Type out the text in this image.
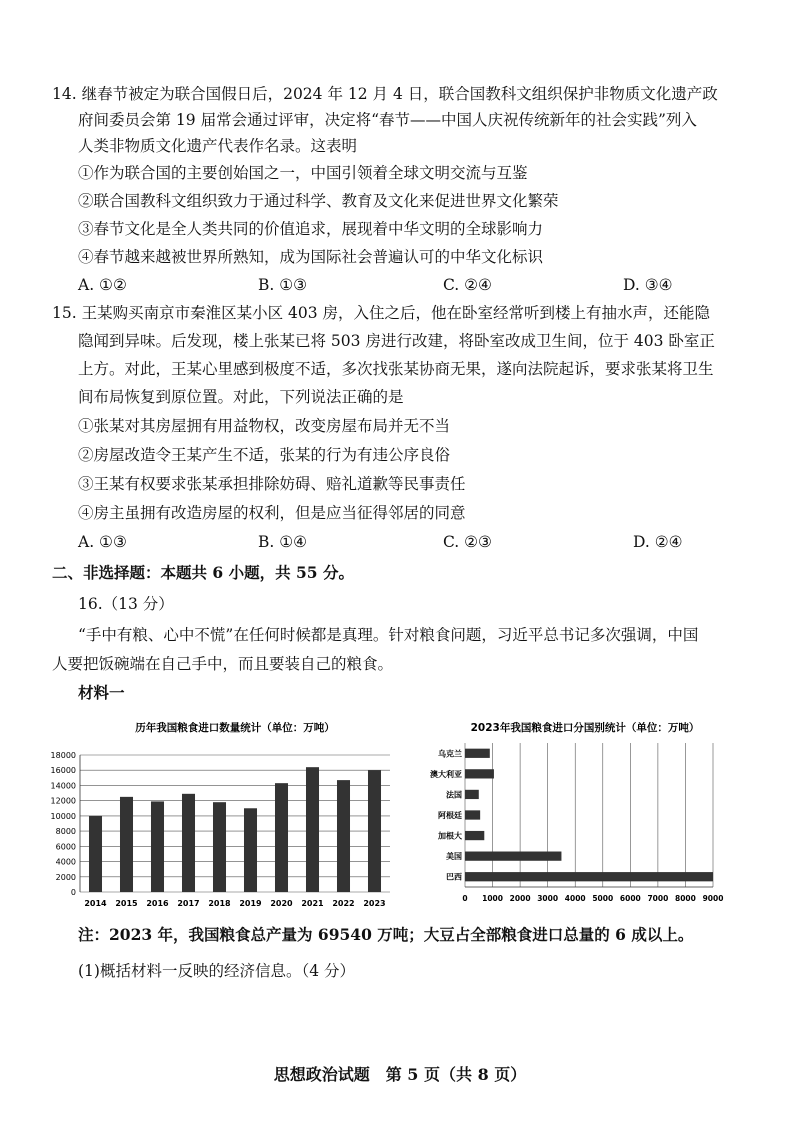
14. 继春节被定为联合国假日后，2024 年 12 月 4 日，联合国教科文组织保护非物质文化遗产政
府间委员会第 19 届常会通过评审，决定将“春节——中国人庆祝传统新年的社会实践”列入
人类非物质文化遗产代表作名录。这表明
①作为联合国的主要创始国之一，中国引领着全球文明交流与互鉴
②联合国教科文组织致力于通过科学、教育及文化来促进世界文化繁荣
③春节文化是全人类共同的价值追求，展现着中华文明的全球影响力
④春节越来越被世界所熟知，成为国际社会普遍认可的中华文化标识
A. ①②	B. ①③	C. ②④	D. ③④
15. 王某购买南京市秦淮区某小区 403 房，入住之后，他在卧室经常听到楼上有抽水声，还能隐
隐闻到异味。后发现，楼上张某已将 503 房进行改建，将卧室改成卫生间，位于 403 卧室正
上方。对此，王某心里感到极度不适，多次找张某协商无果，遂向法院起诉，要求张某将卫生
间布局恢复到原位置。对此，下列说法正确的是
①张某对其房屋拥有用益物权，改变房屋布局并无不当
②房屋改造令王某产生不适，张某的行为有违公序良俗
③王某有权要求张某承担排除妨碍、赔礼道歉等民事责任
④房主虽拥有改造房屋的权利，但是应当征得邻居的同意
A. ①③	B. ①④	C. ②③	D. ②④
二、非选择题：本题共 6 小题，共 55 分。
16.（13 分）
“手中有粮、心中不慌”在任何时候都是真理。针对粮食问题，习近平总书记多次强调，中国
人要把饭碗端在自己手中，而且要装自己的粮食。
材料一
历年我国粮食进口数量统计（单位：万吨）
0
2000
4000
6000
8000
10000
12000
14000
16000
18000
2014 2015 2016 2017 2018 2019 2020 2021 2022 2023
2023年我国粮食进口分国别统计（单位：万吨）
乌克兰
澳大利亚
法国
阿根廷
加根大
美国
巴西
0 1000 2000 3000 4000 5000 6000 7000 8000 9000
注：2023 年，我国粮食总产量为 69540 万吨；大豆占全部粮食进口总量的 6 成以上。
(1)概括材料一反映的经济信息。（4 分）
思想政治试题　第 5 页（共 8 页）
